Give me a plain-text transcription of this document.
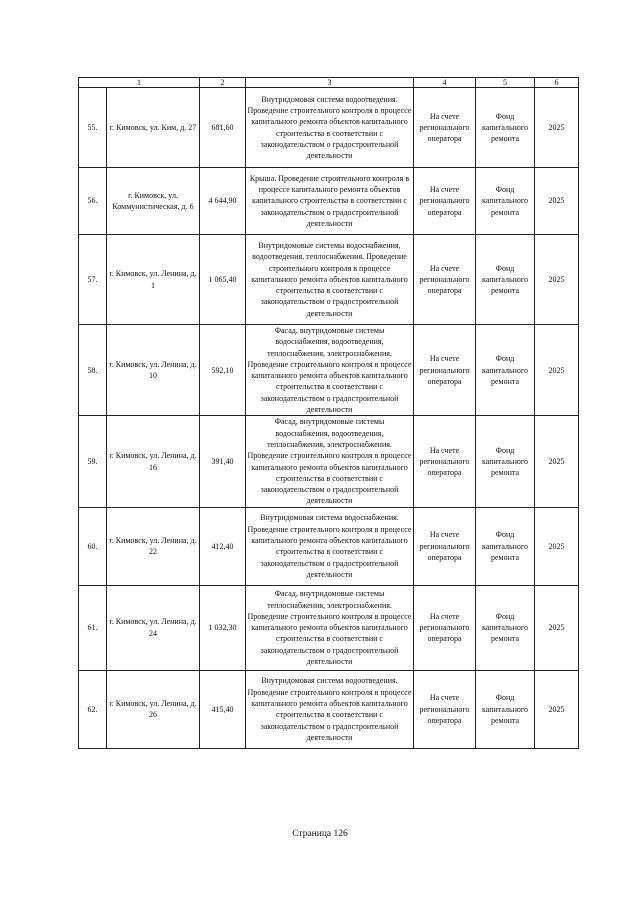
1		2	3	4	5	6
55.	г. Кимовск, ул. Ким, д. 27	681,60	Внутридомовая система водоотведения. Проведение строительного контроля в процессе капитального ремонта объектов капитального строительства в соответствии с законодательством о градостроительной деятельности	На счете регионального оператора	Фонд капитального ремонта	2025
56.	г. Кимовск, ул. Коммунистическая, д. 6	4 644,90	Крыша. Проведение строительного контроля в процессе капитального ремонта объектов капитального строительства в соответствии с законодательством о градостроительной деятельности	На счете регионального оператора	Фонд капитального ремонта	2025
57.	г. Кимовск, ул. Ленина, д. 1	1 065,40	Внутридомовые системы водоснабжения, водоотведения, теплоснабжения. Проведение строительного контроля в процессе капитального ремонта объектов капитального строительства в соответствии с законодательством о градостроительной деятельности	На счете регионального оператора	Фонд капитального ремонта	2025
58.	г. Кимовск, ул. Ленина, д. 10	592,10	Фасад, внутридомовые системы водоснабжения, водоотведения, теплоснабжения, электроснабжения. Проведение строительного контроля в процессе капитального ремонта объектов капитального строительства в соответствии с законодательством о градостроительной деятельности	На счете регионального оператора	Фонд капитального ремонта	2025
59.	г. Кимовск, ул. Ленина, д. 16	391,40	Фасад, внутридомовые системы водоснабжения, водоотведения, теплоснабжения, электроснабжения. Проведение строительного контроля в процессе капитального ремонта объектов капитального строительства в соответствии с законодательством о градостроительной деятельности	На счете регионального оператора	Фонд капитального ремонта	2025
60.	г. Кимовск, ул. Ленина, д. 22	412,40	Внутридомовая система водоснабжения. Проведение строительного контроля в процессе капитального ремонта объектов капитального строительства в соответствии с законодательством о градостроительной деятельности	На счете регионального оператора	Фонд капитального ремонта	2025
61.	г. Кимовск, ул. Ленина, д. 24	1 032,30	Фасад, внутридомовые системы теплоснабжения, электроснабжения. Проведение строительного контроля в процессе капитального ремонта объектов капитального строительства в соответствии с законодательством о градостроительной деятельности	На счете регионального оператора	Фонд капитального ремонта	2025
62.	г. Кимовск, ул. Ленина, д. 26	415,40	Внутридомовая система водоотведения. Проведение строительного контроля в процессе капитального ремонта объектов капитального строительства в соответствии с законодательством о градостроительной деятельности	На счете регионального оператора	Фонд капитального ремонта	2025
Страница 126
